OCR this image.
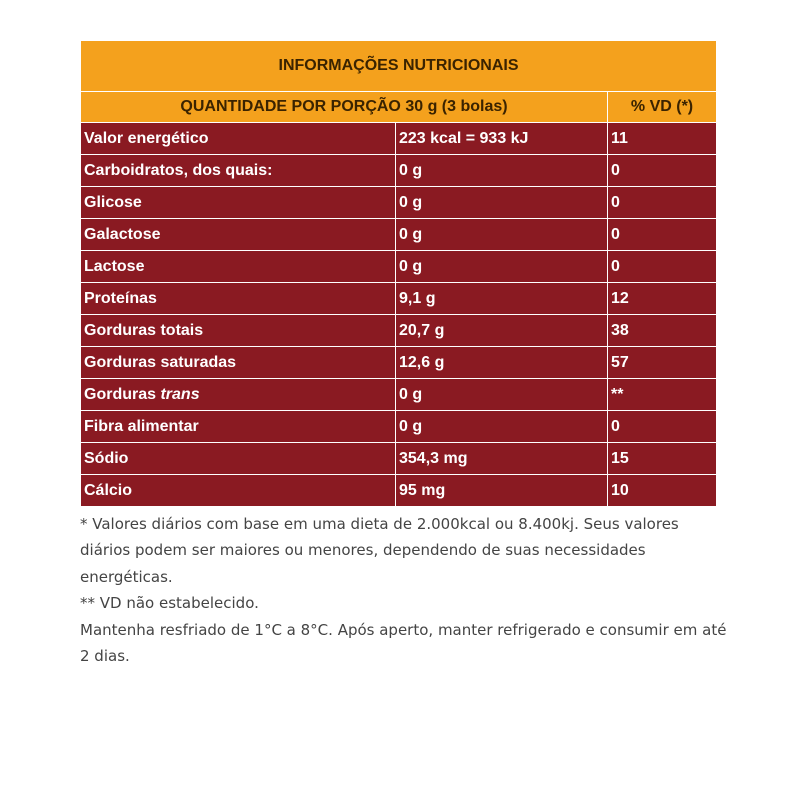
INFORMAÇÕES NUTRICIONAIS		
QUANTIDADE POR PORÇÃO 30 g (3 bolas)		% VD (*)
Valor energético	223 kcal = 933 kJ	11
Carboidratos, dos quais:	0 g	0
Glicose	0 g	0
Galactose	0 g	0
Lactose	0 g	0
Proteínas	9,1 g	12
Gorduras totais	20,7 g	38
Gorduras saturadas	12,6 g	57
Gorduras trans	0 g	**
Fibra alimentar	0 g	0
Sódio	354,3 mg	15
Cálcio	95 mg	10

* Valores diários com base em uma dieta de 2.000kcal ou 8.400kj. Seus valores diários podem ser maiores ou menores, dependendo de suas necessidades energéticas.

** VD não estabelecido.

Mantenha resfriado de 1°C a 8°C. Após aperto, manter refrigerado e consumir em até 2 dias.
